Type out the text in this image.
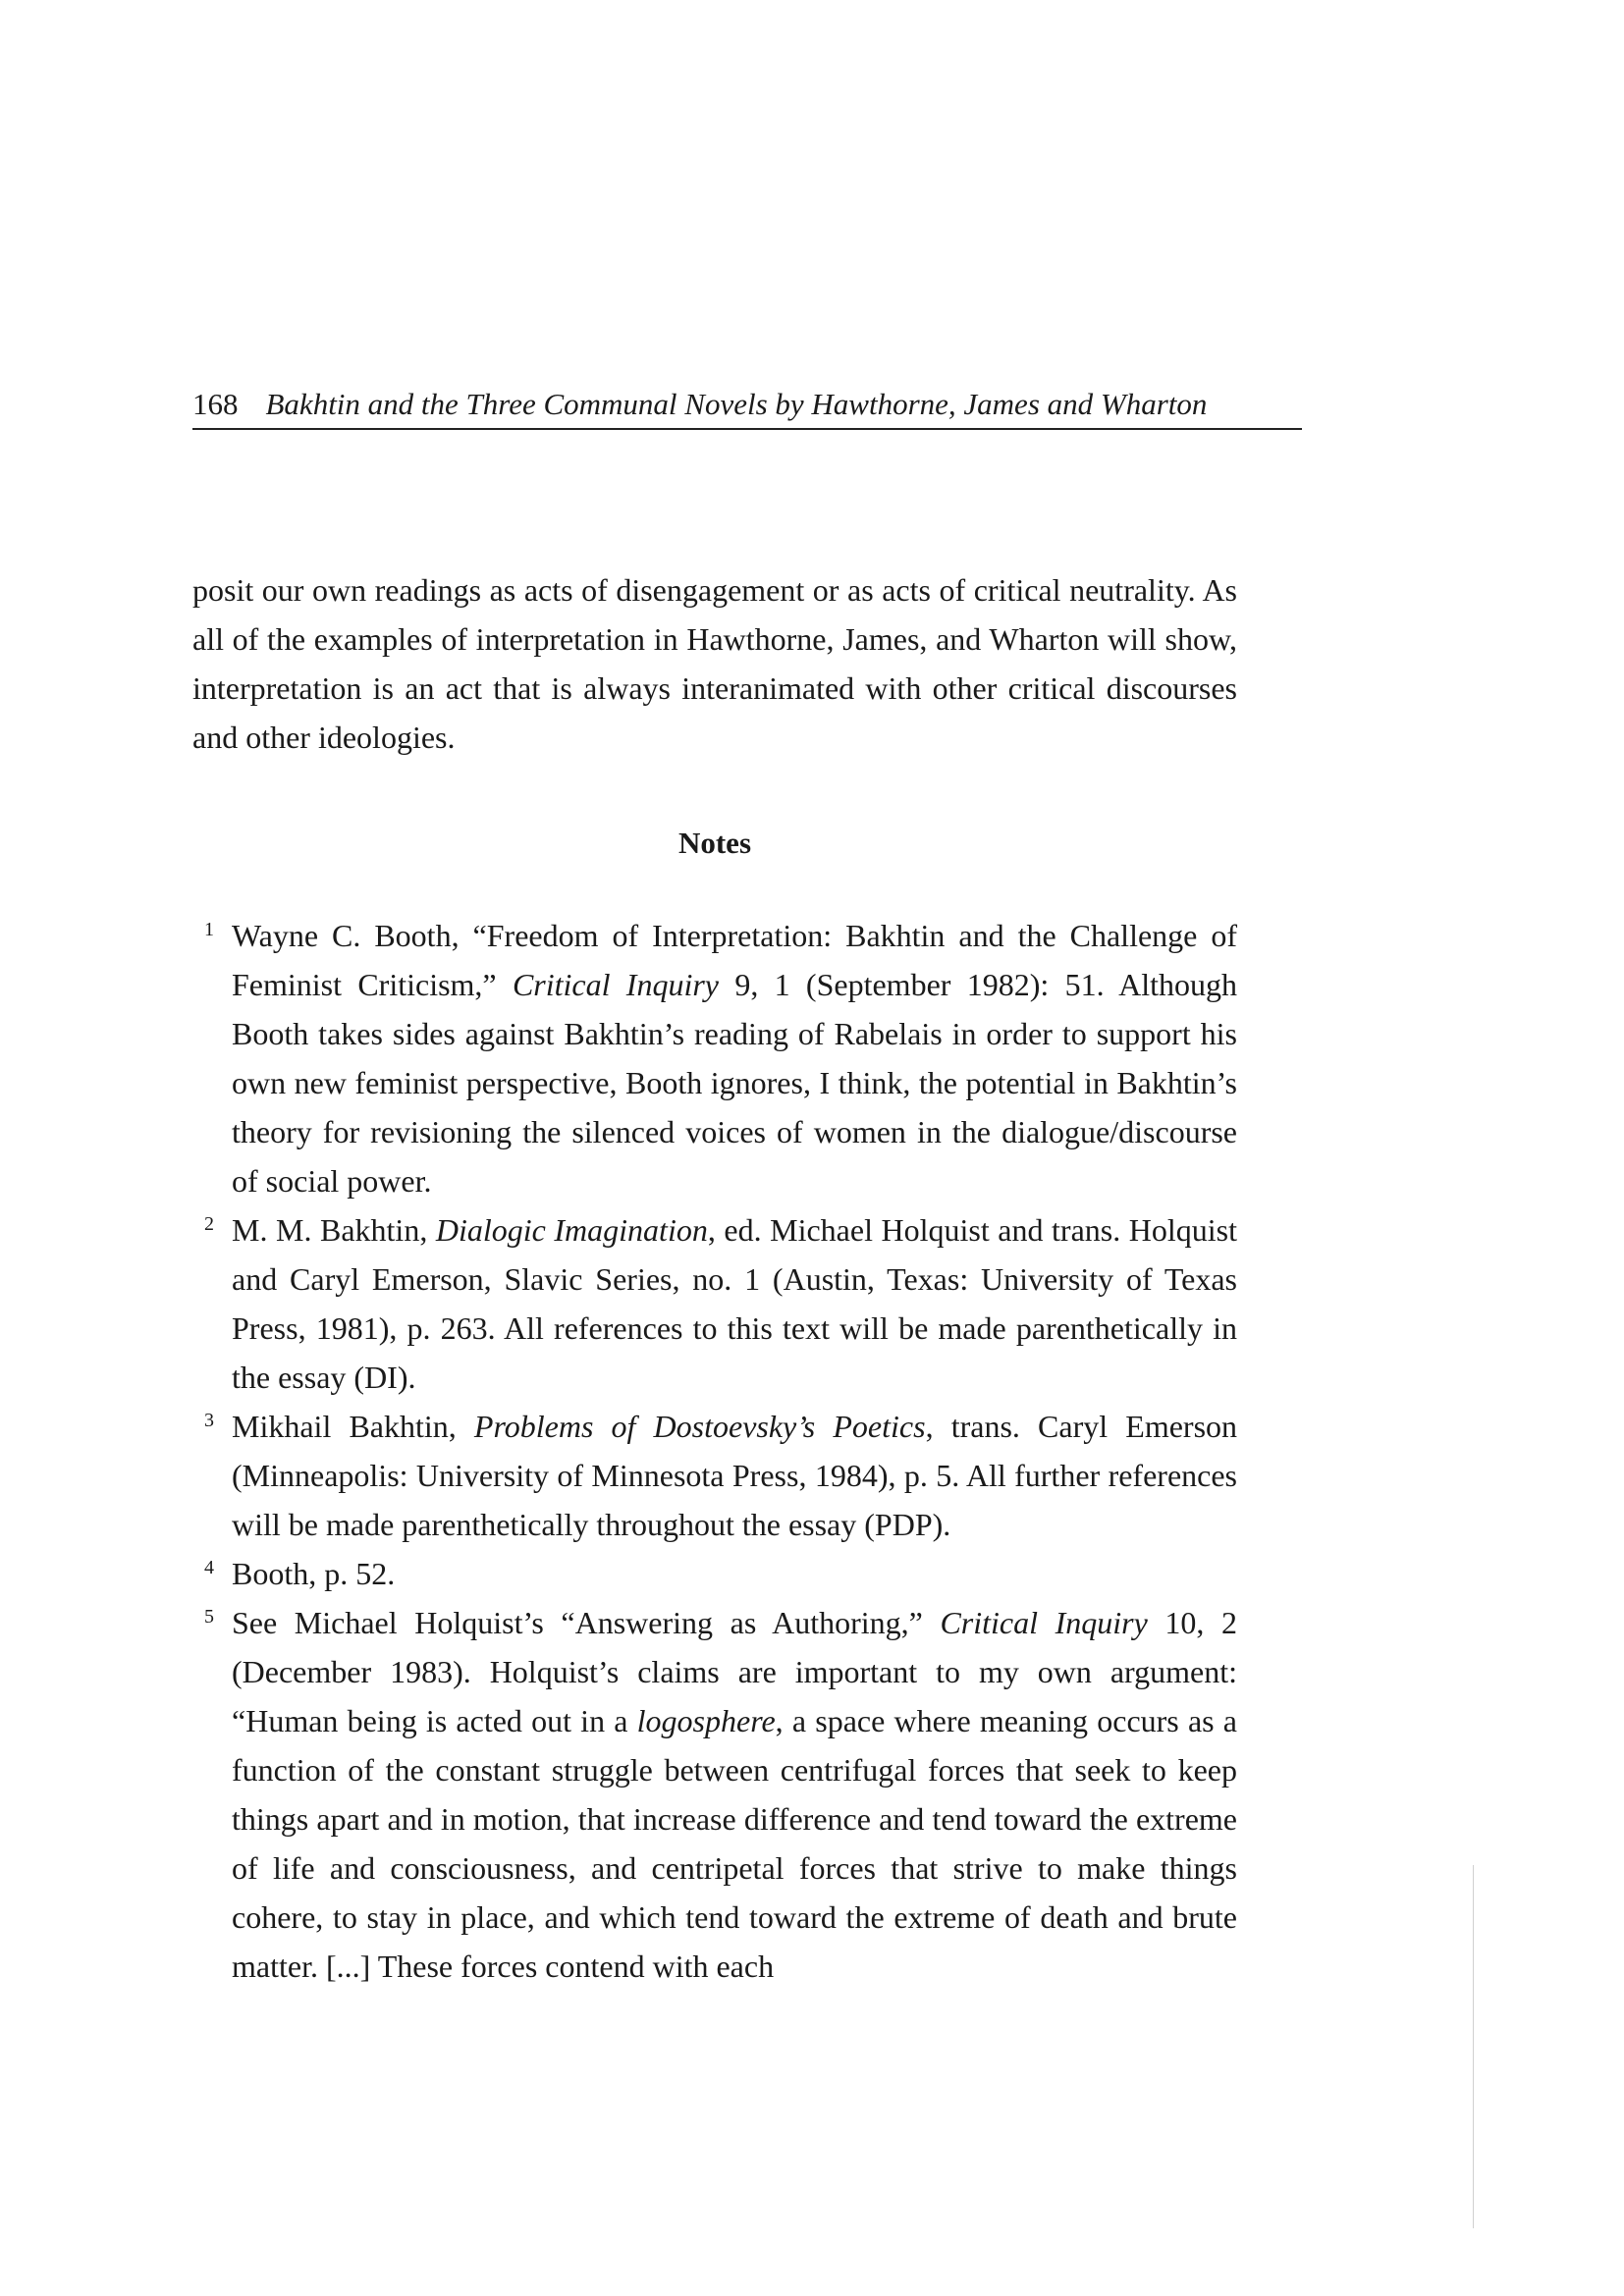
168 Bakhtin and the Three Communal Novels by Hawthorne, James and Wharton

posit our own readings as acts of disengagement or as acts of critical neutrality. As all of the examples of interpretation in Hawthorne, James, and Wharton will show, interpretation is an act that is always interanimated with other critical discourses and other ideologies.

Notes
1 Wayne C. Booth, “Freedom of Interpretation: Bakhtin and the Challenge of Feminist Criticism,” Critical Inquiry 9, 1 (September 1982): 51. Although Booth takes sides against Bakhtin’s reading of Rabelais in order to support his own new feminist perspective, Booth ignores, I think, the potential in Bakhtin’s theory for revisioning the silenced voices of women in the dialogue/discourse of social power.
2 M. M. Bakhtin, Dialogic Imagination, ed. Michael Holquist and trans. Holquist and Caryl Emerson, Slavic Series, no. 1 (Austin, Texas: University of Texas Press, 1981), p. 263. All references to this text will be made parenthetically in the essay (DI).
3 Mikhail Bakhtin, Problems of Dostoevsky’s Poetics, trans. Caryl Emerson (Minneapolis: University of Minnesota Press, 1984), p. 5. All further references will be made parenthetically throughout the essay (PDP).
4 Booth, p. 52.
5 See Michael Holquist’s “Answering as Authoring,” Critical Inquiry 10, 2 (December 1983). Holquist’s claims are important to my own argument: “Human being is acted out in a logosphere, a space where meaning occurs as a function of the constant struggle between centrifugal forces that seek to keep things apart and in motion, that increase difference and tend toward the extreme of life and consciousness, and centripetal forces that strive to make things cohere, to stay in place, and which tend toward the extreme of death and brute matter. [...] These forces contend with each
